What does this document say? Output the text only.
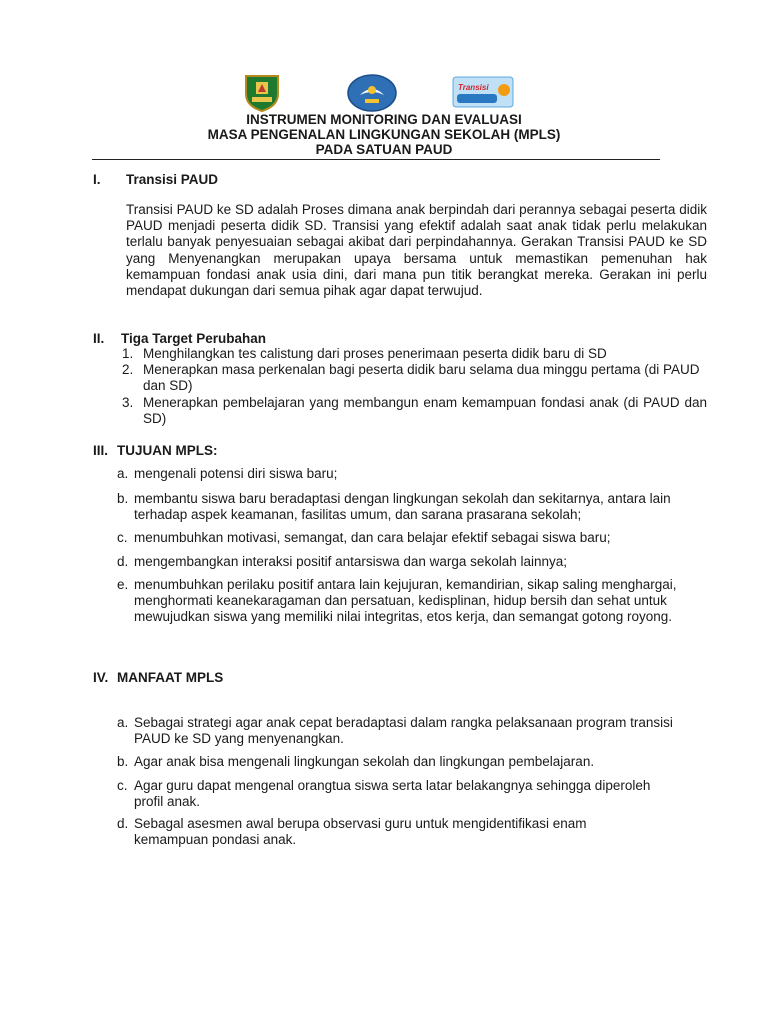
Transisi
INSTRUMEN MONITORING DAN EVALUASI
MASA PENGENALAN LINGKUNGAN SEKOLAH (MPLS)
PADA SATUAN PAUD
I. Transisi PAUD
Transisi PAUD ke SD adalah Proses dimana anak berpindah dari perannya sebagai peserta didik PAUD menjadi peserta didik SD. Transisi yang efektif adalah saat anak tidak perlu melakukan terlalu banyak penyesuaian sebagai akibat dari perpindahannya. Gerakan Transisi PAUD ke SD yang Menyenangkan merupakan upaya bersama untuk memastikan pemenuhan hak kemampuan fondasi anak usia dini, dari mana pun titik berangkat mereka. Gerakan ini perlu mendapat dukungan dari semua pihak agar dapat terwujud.
II. Tiga Target Perubahan
1. Menghilangkan tes calistung dari proses penerimaan peserta didik baru di SD
2. Menerapkan masa perkenalan bagi peserta didik baru selama dua minggu pertama (di PAUD dan SD)
3. Menerapkan pembelajaran yang membangun enam kemampuan fondasi anak (di PAUD dan SD)
III. TUJUAN MPLS:
a. mengenali potensi diri siswa baru;
b. membantu siswa baru beradaptasi dengan lingkungan sekolah dan sekitarnya, antara lain terhadap aspek keamanan, fasilitas umum, dan sarana prasarana sekolah;
c. menumbuhkan motivasi, semangat, dan cara belajar efektif sebagai siswa baru;
d. mengembangkan interaksi positif antarsiswa dan warga sekolah lainnya;
e. menumbuhkan perilaku positif antara lain kejujuran, kemandirian, sikap saling menghargai, menghormati keanekaragaman dan persatuan, kedisplinan, hidup bersih dan sehat untuk mewujudkan siswa yang memiliki nilai integritas, etos kerja, dan semangat gotong royong.
IV. MANFAAT MPLS
a. Sebagai strategi agar anak cepat beradaptasi dalam rangka pelaksanaan program transisi PAUD ke SD yang menyenangkan.
b. Agar anak bisa mengenali lingkungan sekolah dan lingkungan pembelajaran.
c. Agar guru dapat mengenal orangtua siswa serta latar belakangnya sehingga diperoleh profil anak.
d. Sebagal asesmen awal berupa observasi guru untuk mengidentifikasi enam kemampuan pondasi anak.
